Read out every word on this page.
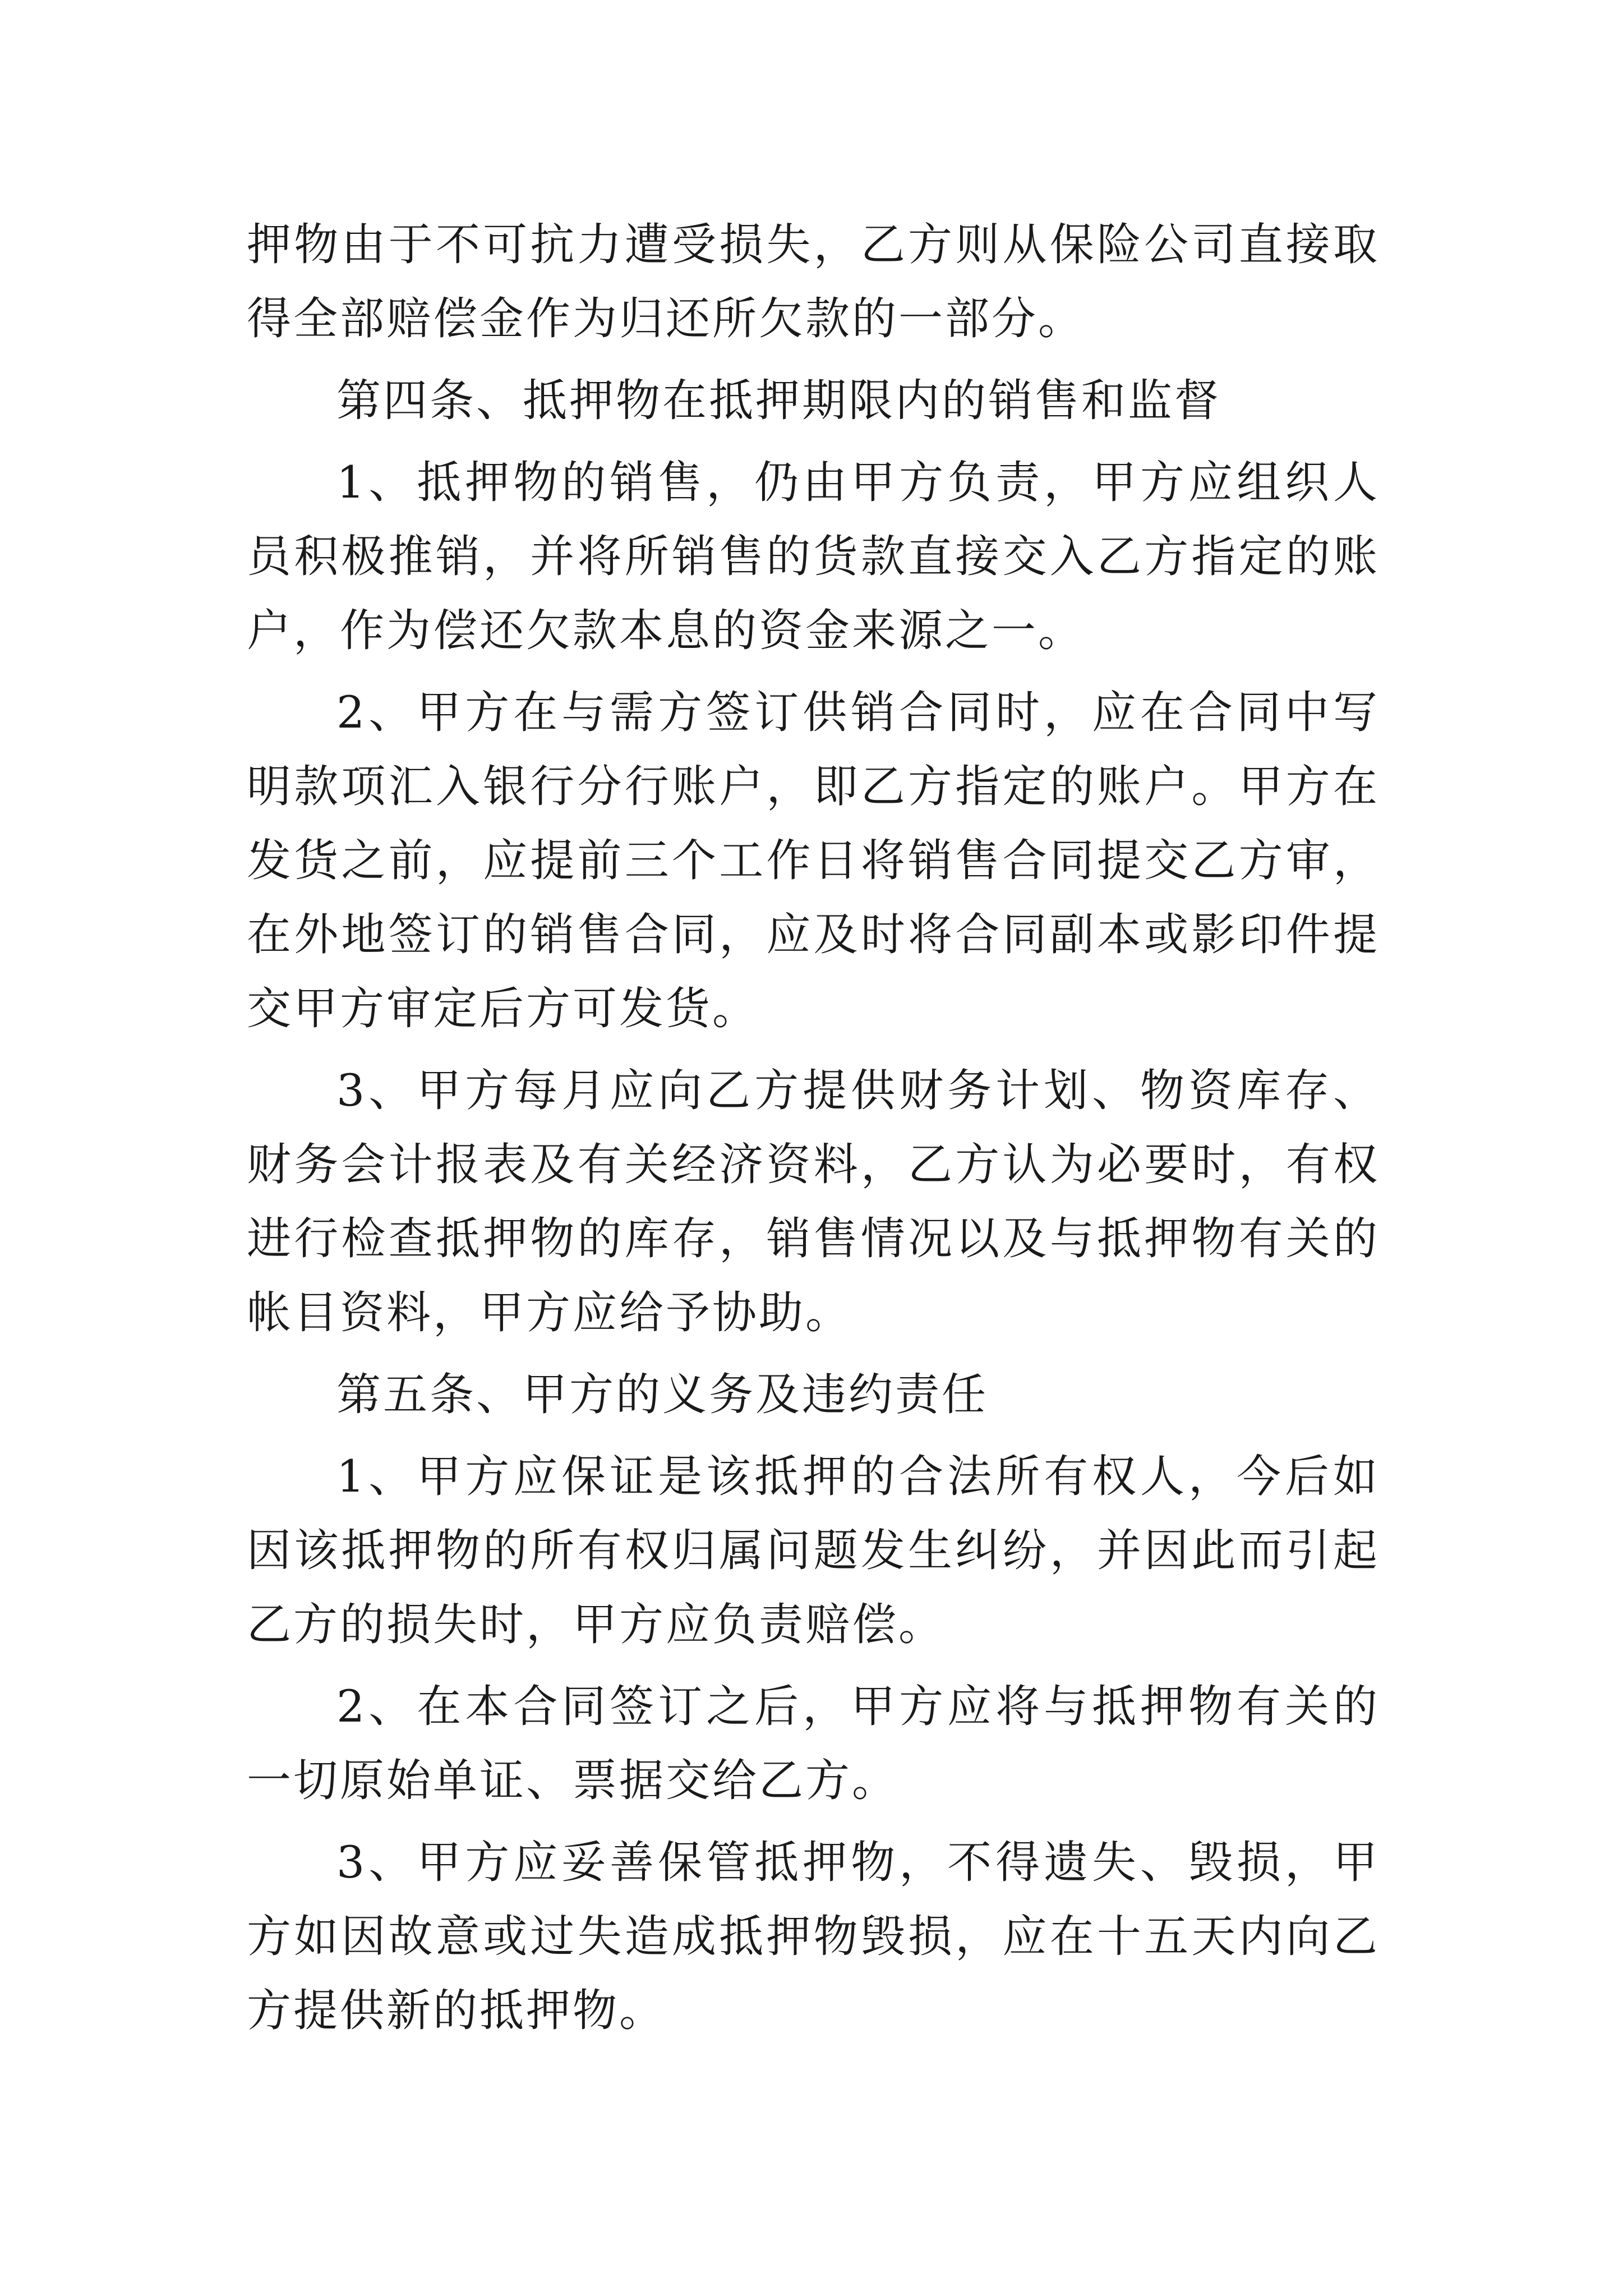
押物由于不可抗力遭受损失，乙方则从保险公司直接取得全部赔偿金作为归还所欠款的一部分。

第四条、抵押物在抵押期限内的销售和监督

1、抵押物的销售，仍由甲方负责，甲方应组织人员积极推销，并将所销售的货款直接交入乙方指定的账户，作为偿还欠款本息的资金来源之一。

2、甲方在与需方签订供销合同时，应在合同中写明款项汇入银行分行账户，即乙方指定的账户。甲方在发货之前，应提前三个工作日将销售合同提交乙方审，在外地签订的销售合同，应及时将合同副本或影印件提交甲方审定后方可发货。

3、甲方每月应向乙方提供财务计划、物资库存、财务会计报表及有关经济资料，乙方认为必要时，有权进行检查抵押物的库存，销售情况以及与抵押物有关的帐目资料，甲方应给予协助。

第五条、甲方的义务及违约责任

1、甲方应保证是该抵押的合法所有权人，今后如因该抵押物的所有权归属问题发生纠纷，并因此而引起乙方的损失时，甲方应负责赔偿。

2、在本合同签订之后，甲方应将与抵押物有关的一切原始单证、票据交给乙方。

3、甲方应妥善保管抵押物，不得遗失、毁损，甲方如因故意或过失造成抵押物毁损，应在十五天内向乙方提供新的抵押物。
